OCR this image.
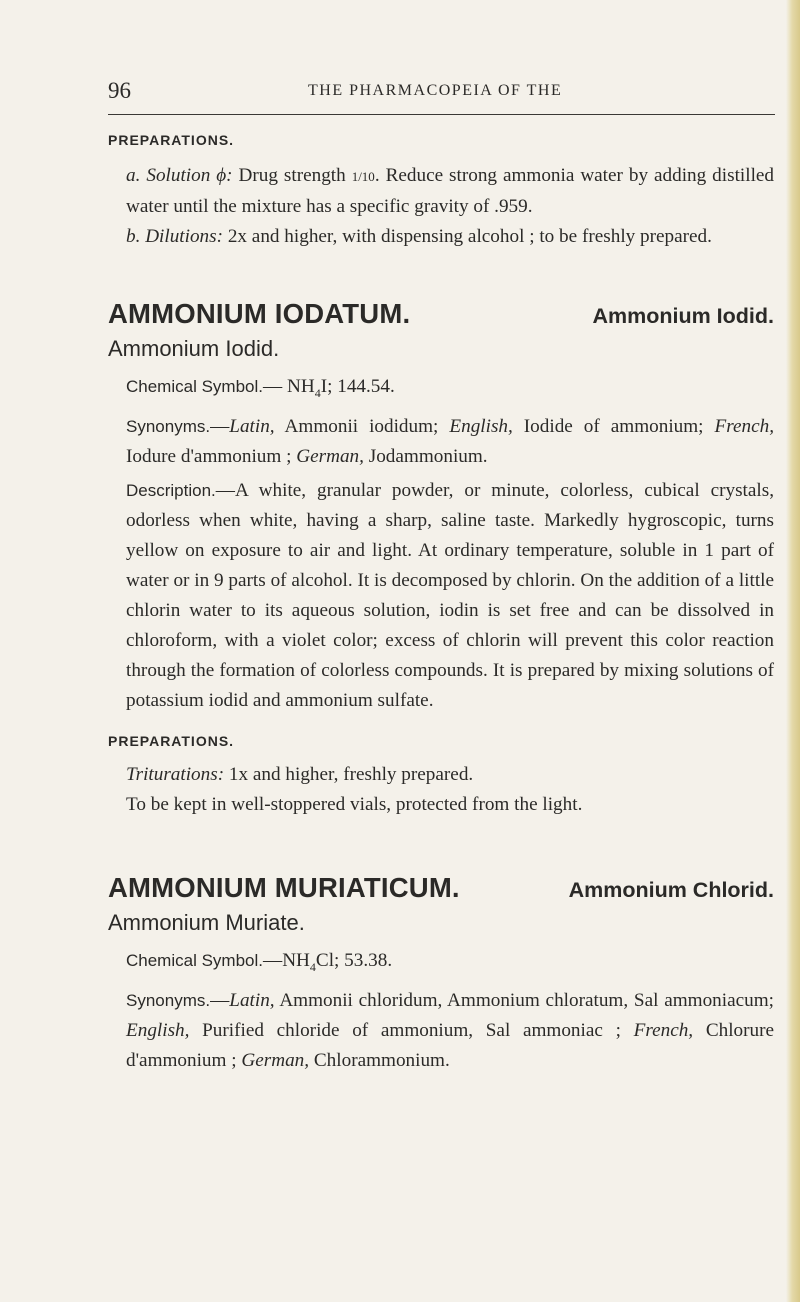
96	THE PHARMACOPEIA OF THE

PREPARATIONS.

a. Solution ϕ: Drug strength 1/10. Reduce strong ammonia water by adding distilled water until the mixture has a specific gravity of .959.

b. Dilutions: 2x and higher, with dispensing alcohol ; to be freshly prepared.

AMMONIUM IODATUM.	Ammonium Iodid.
Ammonium Iodid.

Chemical Symbol.— $NH_4I$; 144.54.

Synonyms.—Latin, Ammonii iodidum; English, Iodide of ammonium; French, Iodure d'ammonium ; German, Jodammonium.

Description.—A white, granular powder, or minute, colorless, cubical crystals, odorless when white, having a sharp, saline taste. Markedly hygroscopic, turns yellow on exposure to air and light. At ordinary temperature, soluble in 1 part of water or in 9 parts of alcohol. It is decomposed by chlorin. On the addition of a little chlorin water to its aqueous solution, iodin is set free and can be dissolved in chloroform, with a violet color; excess of chlorin will prevent this color reaction through the formation of colorless compounds. It is prepared by mixing solutions of potassium iodid and ammonium sulfate.

PREPARATIONS.

Triturations: 1x and higher, freshly prepared.

To be kept in well-stoppered vials, protected from the light.

AMMONIUM MURIATICUM.	Ammonium Chlorid.
Ammonium Muriate.

Chemical $Symbol.—NH_4Cl$; 53.38.

Synonyms.—Latin, Ammonii chloridum, Ammonium chloratum, Sal ammoniacum; English, Purified chloride of ammonium, Sal ammoniac ; French, Chlorure d'ammonium ; German, Chlorammonium.
